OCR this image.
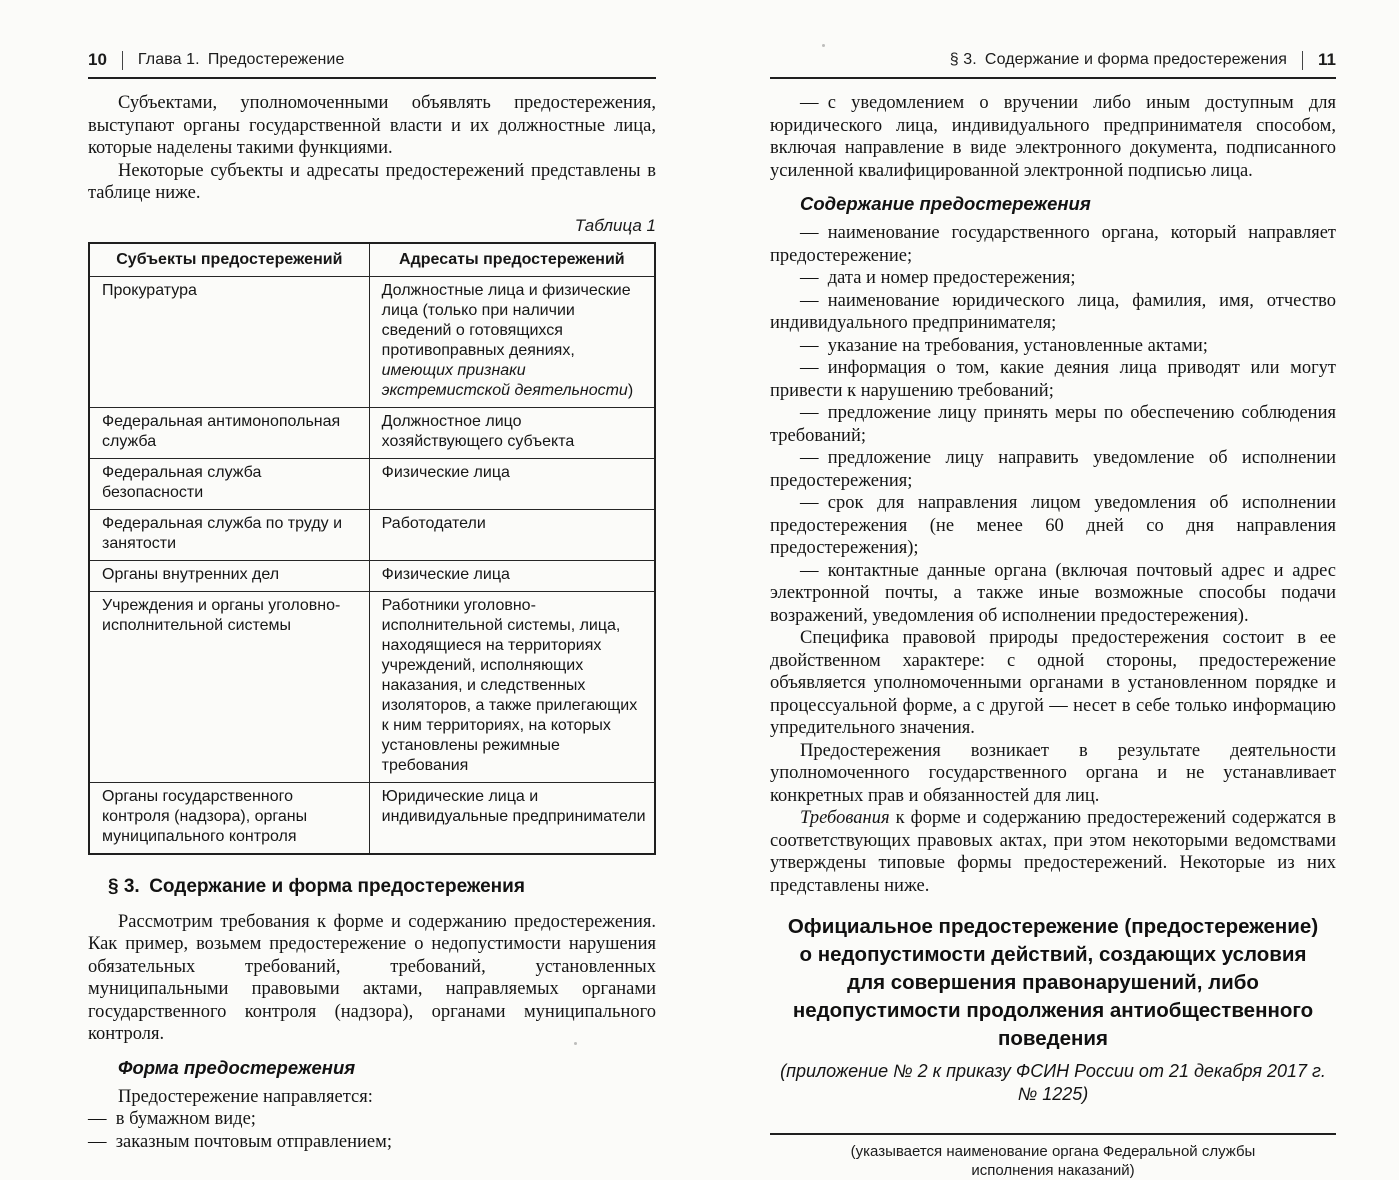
10 Глава 1. Предостережение

Субъектами, уполномоченными объявлять предостережения, выступают органы государственной власти и их должностные лица, которые наделены такими функциями.

Некоторые субъекты и адресаты предостережений представлены в таблице ниже.

Таблица 1
Субъекты предостережений	Адресаты предостережений
Прокуратура	Должностные лица и физические лица (только при наличии сведений о готовящихся противоправных деяниях, имеющих признаки экстремистской деятельности)
Федеральная антимонопольная служба	Должностное лицо хозяйствующего субъекта
Федеральная служба безопасности	Физические лица
Федеральная служба по труду и занятости	Работодатели
Органы внутренних дел	Физические лица
Учреждения и органы уголовно-исполнительной системы	Работники уголовно-исполнительной системы, лица, находящиеся на территориях учреждений, исполняющих наказания, и следственных изоляторов, а также прилегающих к ним территориях, на которых установлены режимные требования
Органы государственного контроля (надзора), органы муниципального контроля	Юридические лица и индивидуальные предприниматели
§ 3. Содержание и форма предостережения

Рассмотрим требования к форме и содержанию предостережения. Как пример, возьмем предостережение о недопустимости нарушения обязательных требований, требований, установленных муниципальными правовыми актами, направляемых органами государственного контроля (надзора), органами муниципального контроля.

Форма предостережения

Предостережение направляется:

— в бумажном виде;

— заказным почтовым отправлением;

§ 3. Содержание и форма предостережения 11

— с уведомлением о вручении либо иным доступным для юридического лица, индивидуального предпринимателя способом, включая направление в виде электронного документа, подписанного усиленной квалифицированной электронной подписью лица.

Содержание предостережения

— наименование государственного органа, который направляет предостережение;

— дата и номер предостережения;

— наименование юридического лица, фамилия, имя, отчество индивидуального предпринимателя;

— указание на требования, установленные актами;

— информация о том, какие деяния лица приводят или могут привести к нарушению требований;

— предложение лицу принять меры по обеспечению соблюдения требований;

— предложение лицу направить уведомление об исполнении предостережения;

— срок для направления лицом уведомления об исполнении предостережения (не менее 60 дней со дня направления предостережения);

— контактные данные органа (включая почтовый адрес и адрес электронной почты, а также иные возможные способы подачи возражений, уведомления об исполнении предостережения).

Специфика правовой природы предостережения состоит в ее двойственном характере: с одной стороны, предостережение объявляется уполномоченными органами в установленном порядке и процессуальной форме, а с другой — несет в себе только информацию упредительного значения.

Предостережения возникает в результате деятельности уполномоченного государственного органа и не устанавливает конкретных прав и обязанностей для лиц.

Требования к форме и содержанию предостережений содержатся в соответствующих правовых актах, при этом некоторыми ведомствами утверждены типовые формы предостережений. Некоторые из них представлены ниже.

Официальное предостережение (предостережение) о недопустимости действий, создающих условия для совершения правонарушений, либо недопустимости продолжения антиобщественного поведения

(приложение № 2 к приказу ФСИН России от 21 декабря 2017 г. № 1225)

(указывается наименование органа Федеральной службы исполнения наказаний)
